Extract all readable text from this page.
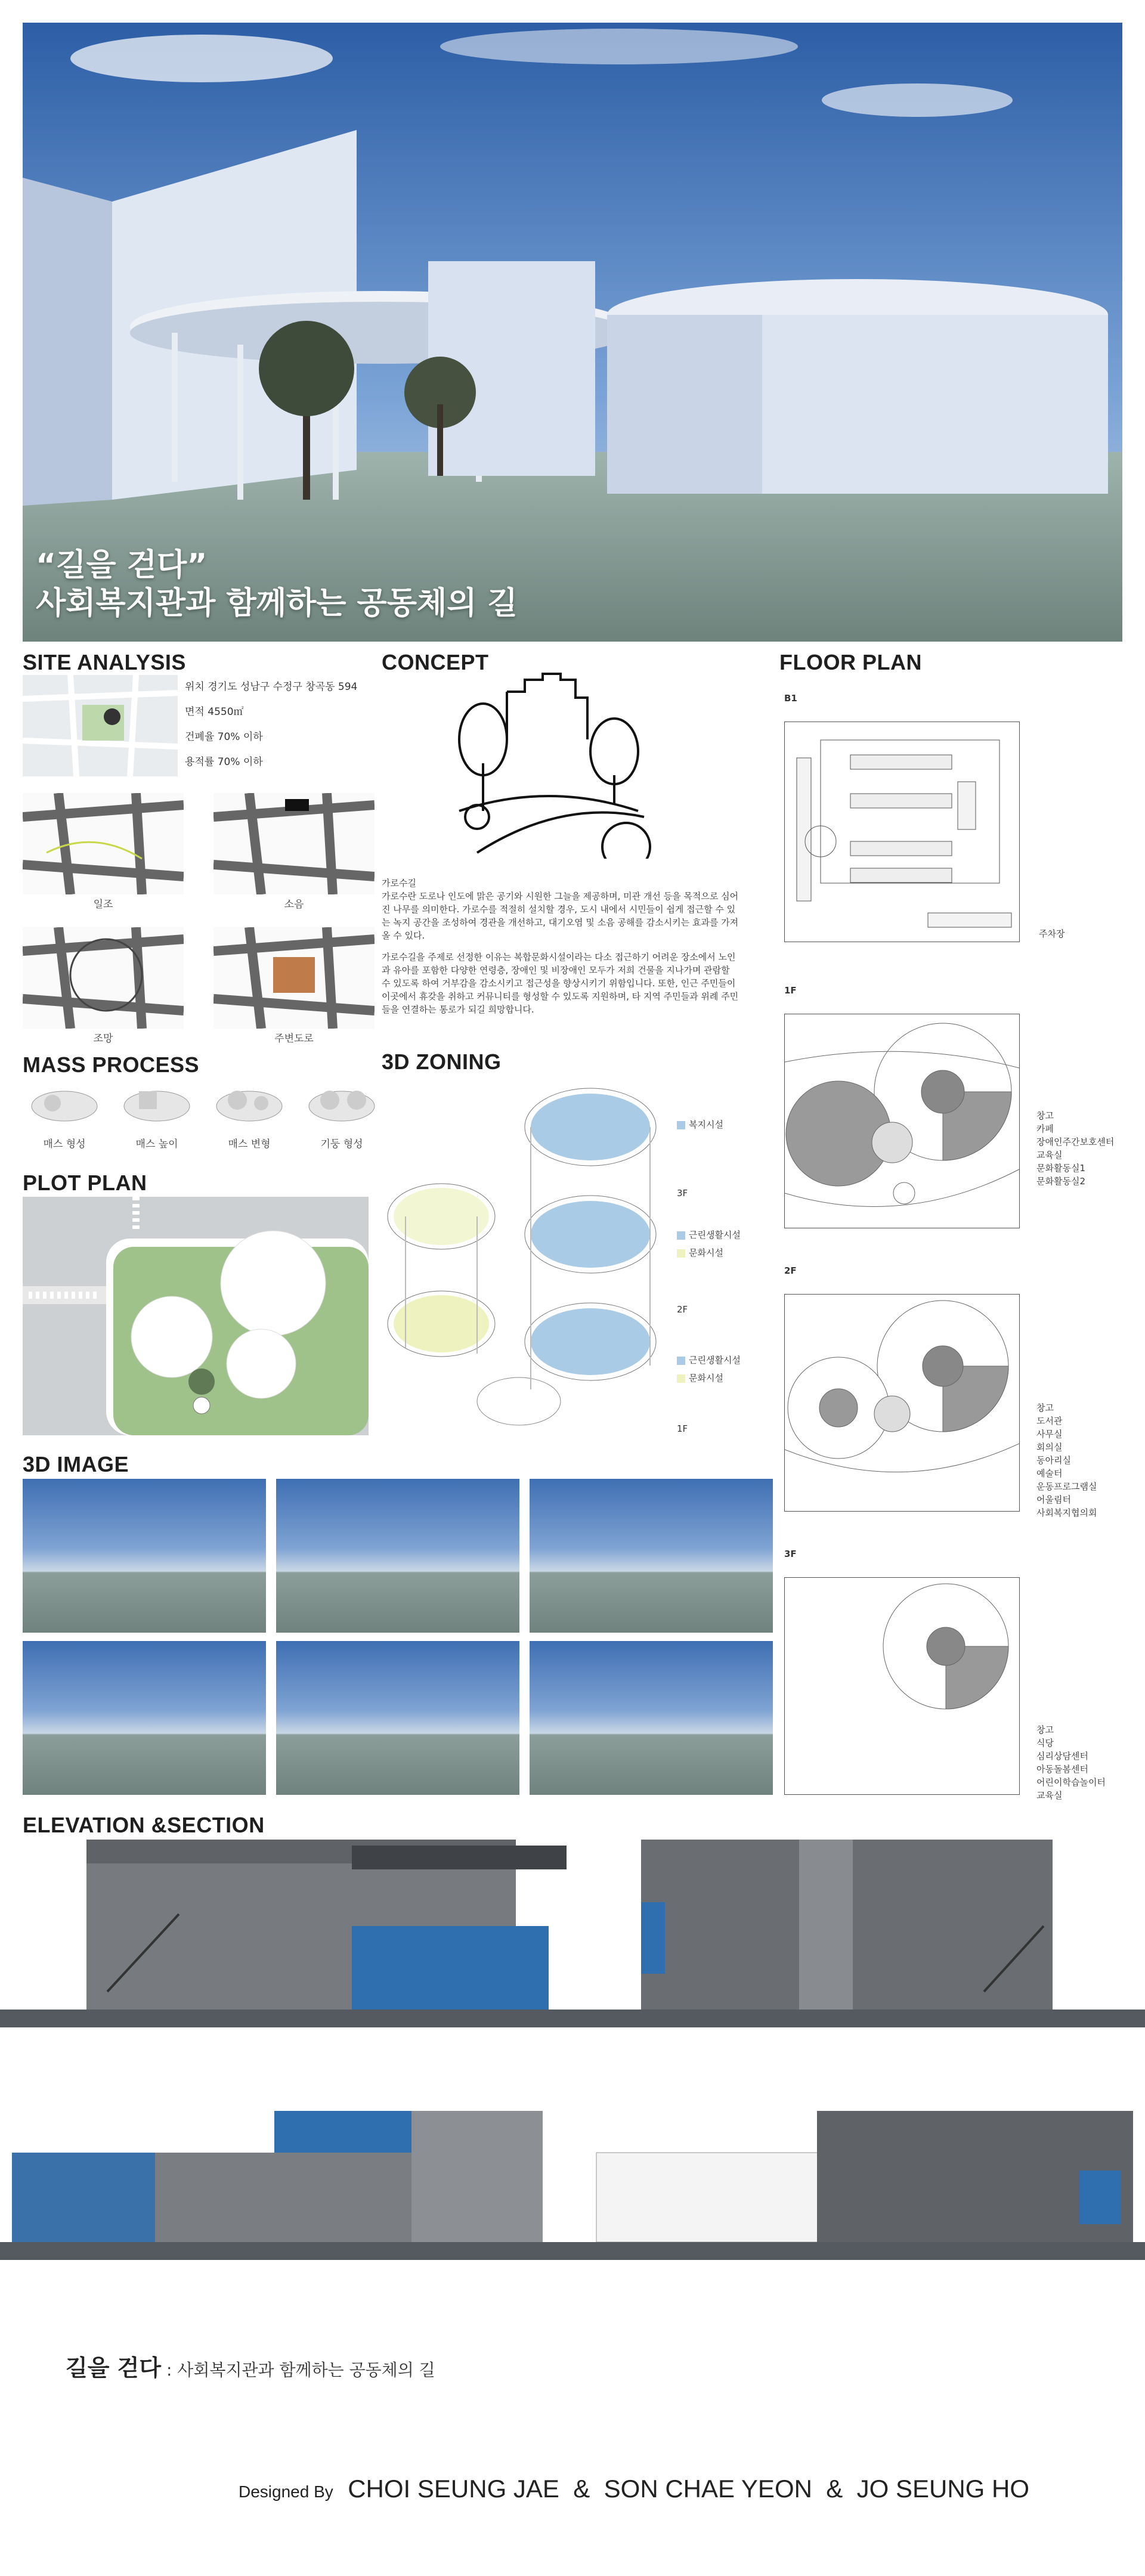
“길을 걷다”
사회복지관과 함께하는 공동체의 길
SITE ANALYSIS
위치 경기도 성남구 수정구 창곡동 594
면적 4550㎡
건폐율 70% 이하
용적률 70% 이하
일조	소음
조망	주변도로
MASS PROCESS
매스 형성	매스 높이	매스 변형	기둥 형성
PLOT PLAN
CONCEPT
가로수길
가로수란 도로나 인도에 맑은 공기와 시원한 그늘을 제공하며, 미관 개선 등을 목적으로 심어진 나무를 의미한다. 가로수를 적절히 설치할 경우, 도시 내에서 시민들이 쉽게 접근할 수 있는 녹지 공간을 조성하여 경관을 개선하고, 대기오염 및 소음 공해를 감소시키는 효과를 가져올 수 있다.
가로수길을 주제로 선정한 이유는 복합문화시설이라는 다소 접근하기 어려운 장소에서 노인과 유아를 포함한 다양한 연령층, 장애인 및 비장애인 모두가 저희 건물을 지나가며 관람할 수 있도록 하여 거부감을 감소시키고 접근성을 향상시키기 위함입니다. 또한, 인근 주민들이 이곳에서 휴갖을 취하고 커뮤니티를 형성할 수 있도록 지원하며, 타 지역 주민들과 위례 주민들을 연결하는 통로가 되길 희망합니다.
3D ZONING
복지시설
3F
근린생활시설
문화시설
2F
근린생활시설
문화시설
1F
FLOOR PLAN
B1
주차장
1F
창고
카페
장애인주간보호센터
교육실
문화활동실1
문화활동실2
2F
창고
도서관
사무실
회의실
동아리실
예술터
운동프로그램실
어울림터
사회복지협의회
3F
창고
식당
심리상담센터
아동돌봄센터
어린이학습놀이터
교육실
3D IMAGE
ELEVATION &SECTION
길을 걷다 : 사회복지관과 함께하는 공동체의 길
Designed By CHOI SEUNG JAE  &  SON CHAE YEON  &  JO SEUNG HO
